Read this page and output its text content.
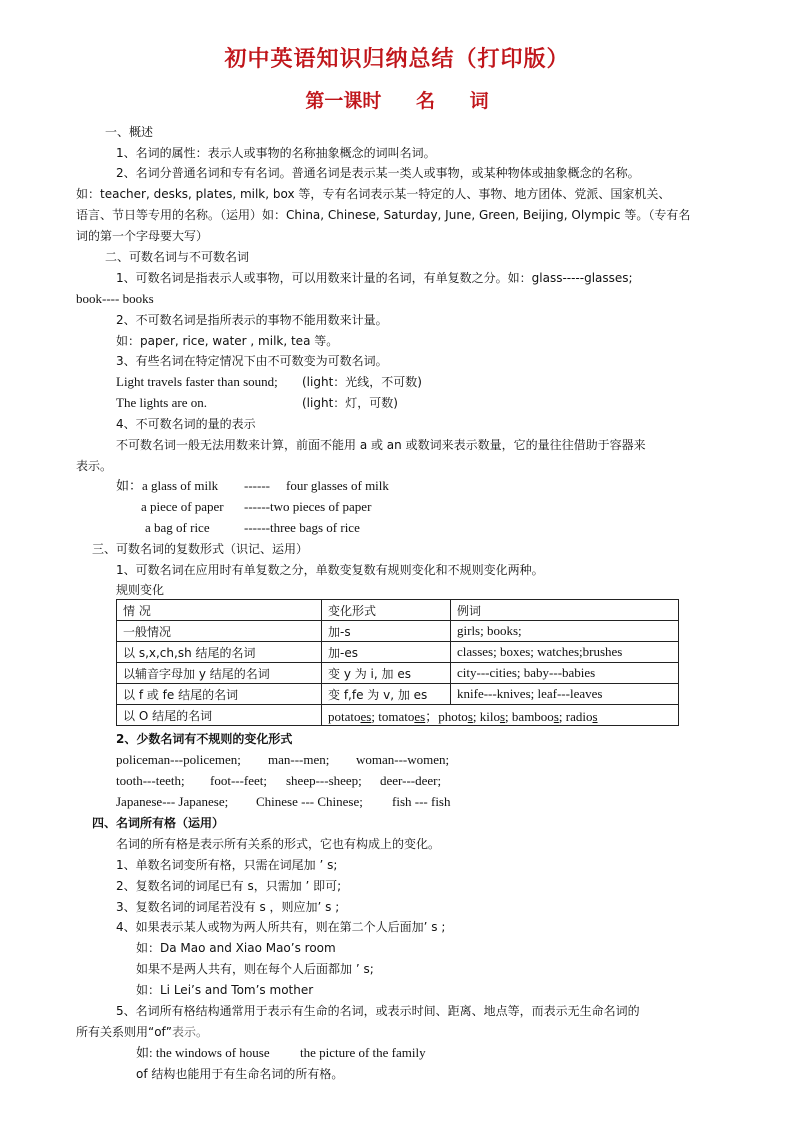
初中英语知识归纳总结（打印版）
第一课时 名 词
一、概述
1、名词的属性：表示人或事物的名称抽象概念的词叫名词。
2、名词分普通名词和专有名词。普通名词是表示某一类人或事物，或某种物体或抽象概念的名称。
如：teacher, desks, plates, milk, box 等，专有名词表示某一特定的人、事物、地方团体、党派、国家机关、
语言、节日等专用的名称。（运用）如：China, Chinese, Saturday, June, Green, Beijing, Olympic 等。（专有名
词的第一个字母要大写）
二、可数名词与不可数名词
1、可数名词是指表示人或事物，可以用数来计量的名词，有单复数之分。如：glass-----glasses;
book---- books
2、不可数名词是指所表示的事物不能用数来计量。
如：paper, rice, water , milk, tea 等。
3、有些名词在特定情况下由不可数变为可数名词。
Light travels faster than sound; (light：光线，不可数)
The lights are on.	(light：灯，可数)
4、不可数名词的量的表示
不可数名词一般无法用数来计算，前面不能用 a 或 an 或数词来表示数量，它的量往往借助于容器来
表示。
如：a glass of milk ------ four glasses of milk
a piece of paper ------two pieces of paper
a bag of rice	------three bags of rice
三、可数名词的复数形式（识记、运用）
1、可数名词在应用时有单复数之分，单数变复数有规则变化和不规则变化两种。
规则变化
情 况	变化形式	例词
一般情况	加-s	girls; books;
以 s,x,ch,sh 结尾的名词	加-es	classes; boxes; watches;brushes
以辅音字母加 y 结尾的名词	变 y 为 i, 加 es	city---cities; baby---babies
以 f 或 fe 结尾的名词	变 f,fe 为 v, 加 es	knife---knives; leaf---leaves
以 O 结尾的名词	potatoes; tomatoes；photos; kilos; bamboos; radios	
2、少数名词有不规则的变化形式
policeman---policemen; man---men; woman---women;
tooth---teeth; foot---feet; sheep---sheep; deer---deer;
Japanese--- Japanese; Chinese --- Chinese; fish --- fish
四、名词所有格（运用）
名词的所有格是表示所有关系的形式，它也有构成上的变化。
1、单数名词变所有格，只需在词尾加 ’ s;
2、复数名词的词尾已有 s，只需加 ’ 即可;
3、复数名词的词尾若没有 s ，则应加’ s ;
4、如果表示某人或物为两人所共有，则在第二个人后面加’ s ;
如：Da Mao and Xiao Mao’s room
如果不是两人共有，则在每个人后面都加 ’ s;
如：Li Lei’s and Tom’s mother
5、名词所有格结构通常用于表示有生命的名词，或表示时间、距离、地点等，而表示无生命名词的
所有关系则用“of”表示。
如: the windows of house the picture of the family
of 结构也能用于有生命名词的所有格。
